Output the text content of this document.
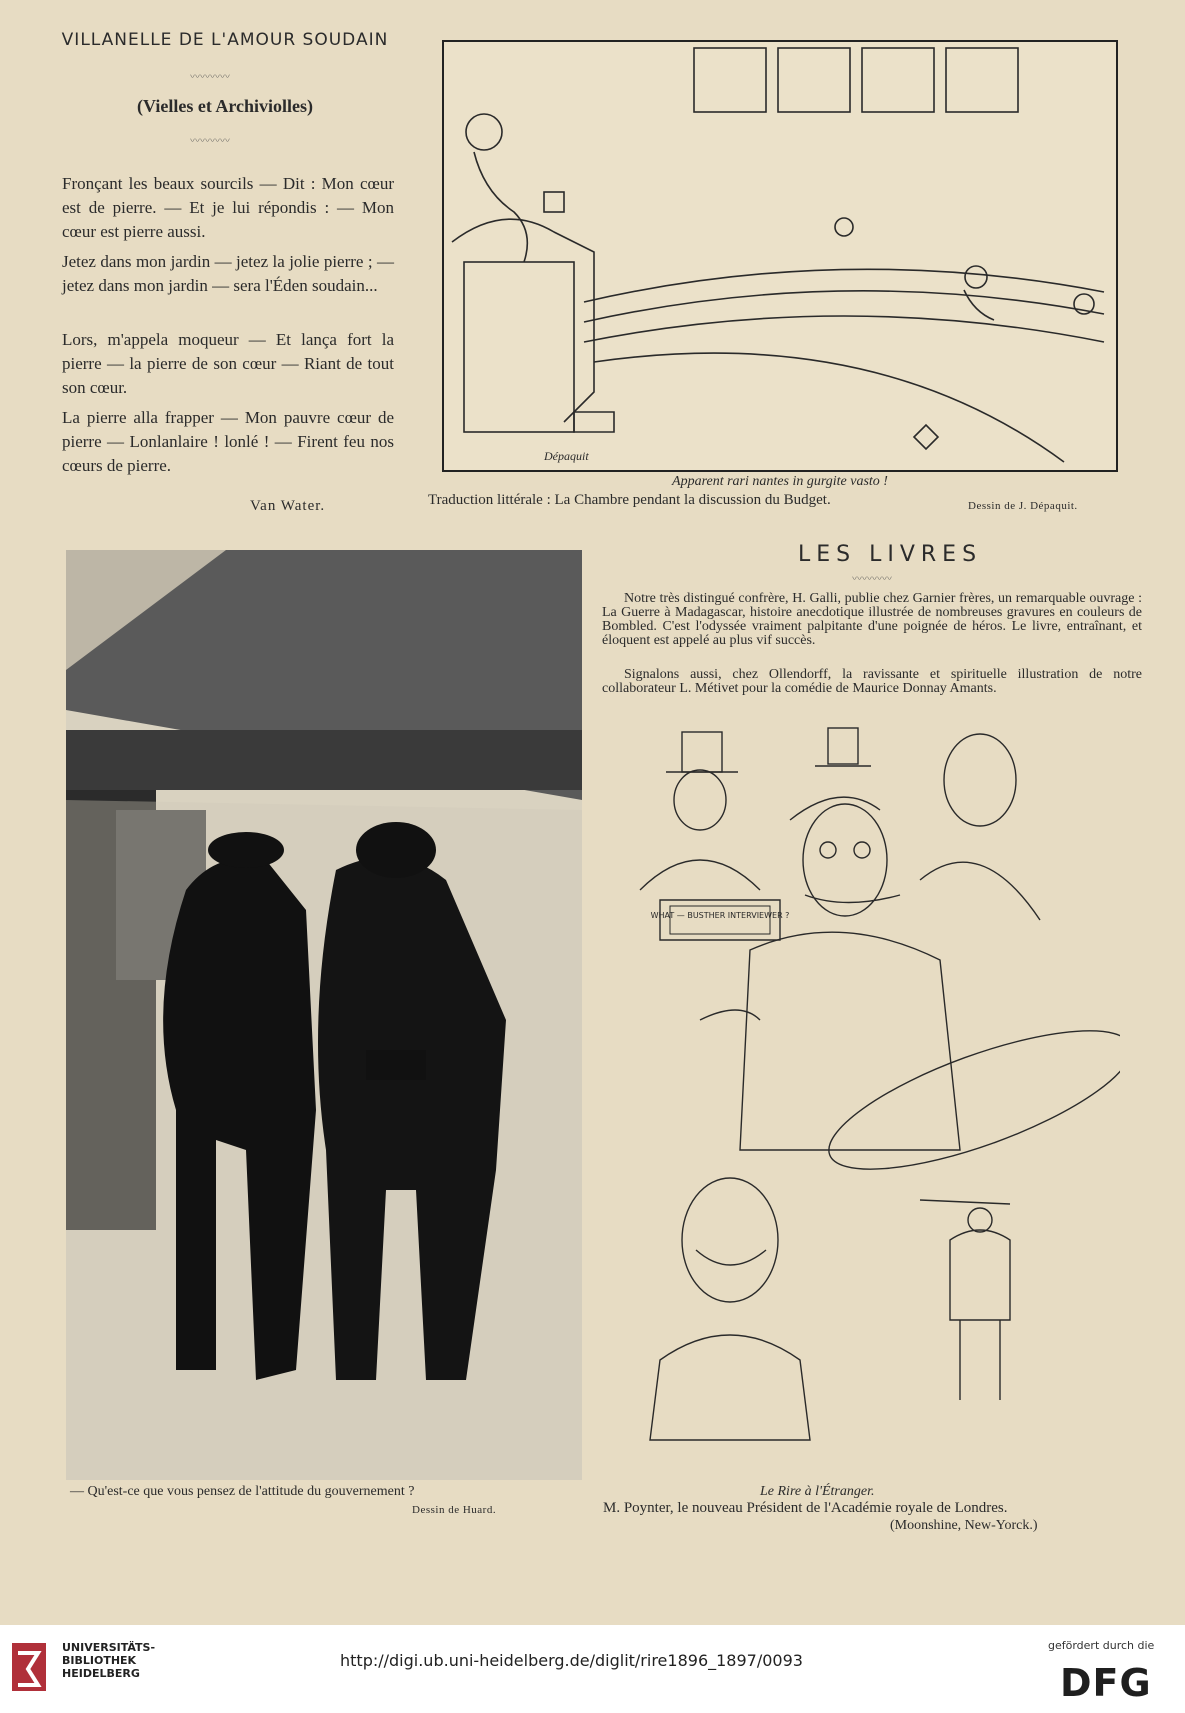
VILLANELLE DE L'AMOUR SOUDAIN
〰〰〰〰
(Vielles et Archiviolles)
〰〰〰〰

Fronçant les beaux sourcils — Dit : Mon cœur est de pierre. — Et je lui répondis : — Mon cœur est pierre aussi.

Jetez dans mon jardin — jetez la jolie pierre ; — jetez dans mon jardin — sera l'Éden soudain...

Lors, m'appela moqueur — Et lança fort la pierre — la pierre de son cœur — Riant de tout son cœur.

La pierre alla frapper — Mon pauvre cœur de pierre — Lonlanlaire ! lonlé ! — Firent feu nos cœurs de pierre.

Van Water.
Dépaquit
Apparent rari nantes in gurgite vasto !
Traduction littérale : La Chambre pendant la discussion du Budget.	Dessin de J. Dépaquit.
— Qu'est-ce que vous pensez de l'attitude du gouvernement ?
Dessin de Huard.
LES LIVRES
〰〰〰〰

Notre très distingué confrère, H. Galli, publie chez Garnier frères, un remarquable ouvrage : La Guerre à Madagascar, histoire anecdotique illustrée de nombreuses gravures en couleurs de Bombled. C'est l'odyssée vraiment palpitante d'une poignée de héros. Le livre, entraînant, et éloquent est appelé au plus vif succès.

Signalons aussi, chez Ollendorff, la ravissante et spirituelle illustration de notre collaborateur L. Métivet pour la comédie de Maurice Donnay Amants.

WHAT — BUSTHER INTERVIEWER ?
Le Rire à l'Étranger.
M. Poynter, le nouveau Président de l'Académie royale de Londres.
(Moonshine, New-Yorck.)
UNIVERSITÄTS-
BIBLIOTHEK
HEIDELBERG
http://digi.ub.uni-heidelberg.de/diglit/rire1896_1897/0093
gefördert durch die
DFG
